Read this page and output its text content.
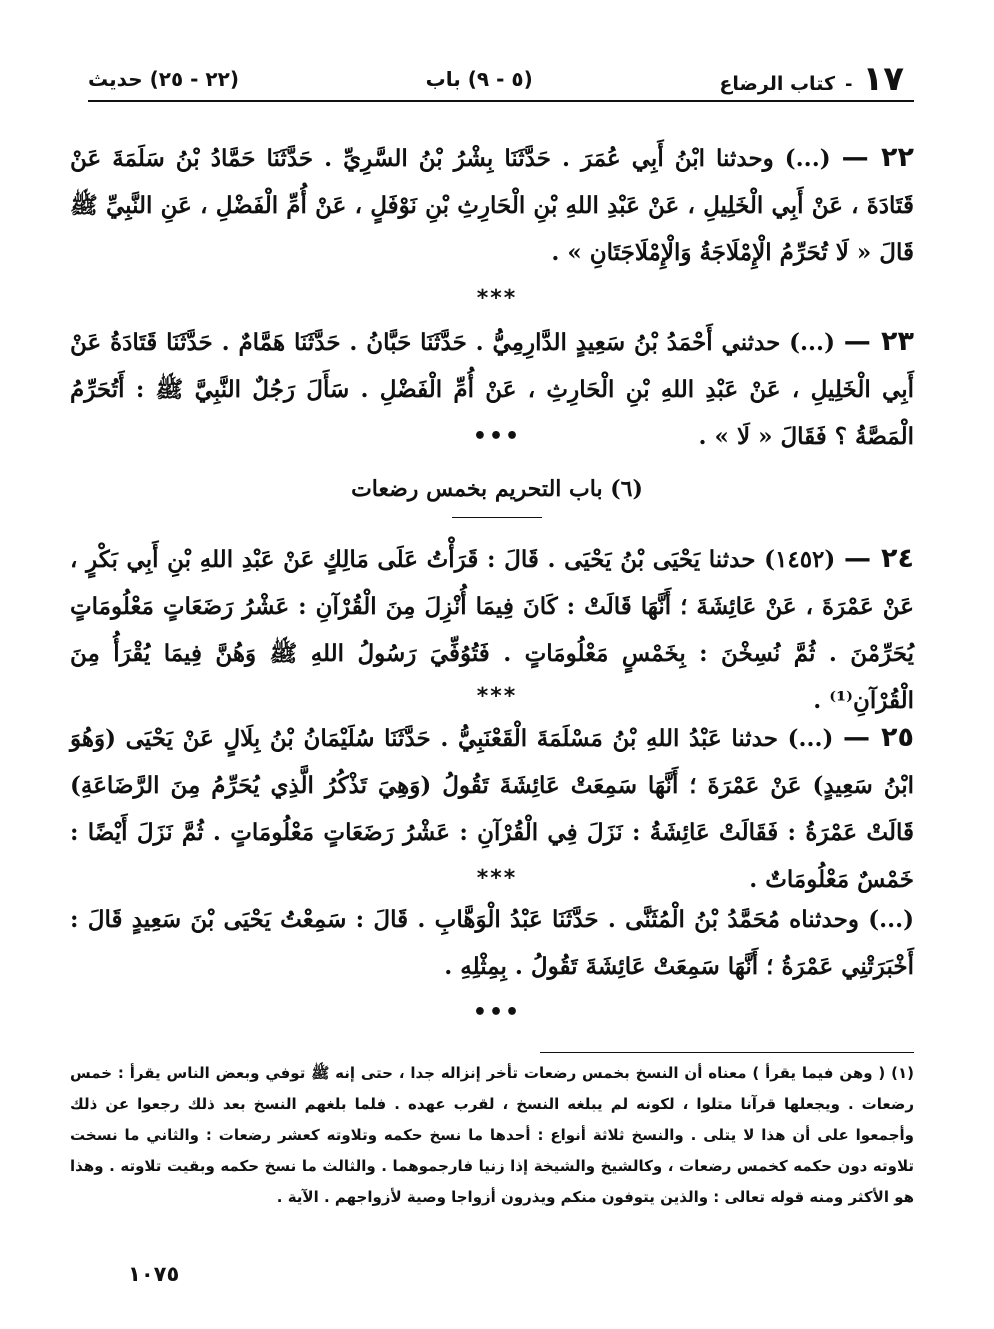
١٧
-
كتاب الرضاع
(٥ - ٩) باب
(٢٢ - ٢٥) حديث
٢٢ — (...) وحدثنا ابْنُ أَبِي عُمَرَ . حَدَّثَنَا بِشْرُ بْنُ السَّرِيِّ . حَدَّثَنَا حَمَّادُ بْنُ سَلَمَةَ عَنْ قَتَادَةَ ، عَنْ أَبِي الْخَلِيلِ ، عَنْ عَبْدِ اللهِ بْنِ الْحَارِثِ بْنِ نَوْفَلٍ ، عَنْ أُمِّ الْفَضْلِ ، عَنِ النَّبِيِّ ﷺ قَالَ « لَا تُحَرِّمُ الْإِمْلَاجَةُ وَالْإِمْلَاجَتَانِ » .
***
٢٣ — (...) حدثني أَحْمَدُ بْنُ سَعِيدٍ الدَّارِمِيُّ . حَدَّثَنَا حَبَّانُ . حَدَّثَنَا هَمَّامٌ . حَدَّثَنَا قَتَادَةُ عَنْ أَبِي الْخَلِيلِ ، عَنْ عَبْدِ اللهِ بْنِ الْحَارِثِ ، عَنْ أُمِّ الْفَضْلِ . سَأَلَ رَجُلٌ النَّبِيَّ ﷺ : أَتُحَرِّمُ الْمَصَّةُ ؟ فَقَالَ « لَا » .
•••
(٦) باب التحريم بخمس رضعات
٢٤ — (١٤٥٢) حدثنا يَحْيَى بْنُ يَحْيَى . قَالَ : قَرَأْتُ عَلَى مَالِكٍ عَنْ عَبْدِ اللهِ بْنِ أَبِي بَكْرٍ ، عَنْ عَمْرَةَ ، عَنْ عَائِشَةَ ؛ أَنَّهَا قَالَتْ : كَانَ فِيمَا أُنْزِلَ مِنَ الْقُرْآنِ : عَشْرُ رَضَعَاتٍ مَعْلُومَاتٍ يُحَرِّمْنَ . ثُمَّ نُسِخْنَ : بِخَمْسٍ مَعْلُومَاتٍ . فَتُوُفِّيَ رَسُولُ اللهِ ﷺ وَهُنَّ فِيمَا يُقْرَأُ مِنَ الْقُرْآنِ⁽¹⁾ .
***
٢٥ — (...) حدثنا عَبْدُ اللهِ بْنُ مَسْلَمَةَ الْقَعْنَبِيُّ . حَدَّثَنَا سُلَيْمَانُ بْنُ بِلَالٍ عَنْ يَحْيَى (وَهُوَ ابْنُ سَعِيدٍ) عَنْ عَمْرَةَ ؛ أَنَّهَا سَمِعَتْ عَائِشَةَ تَقُولُ (وَهِيَ تَذْكُرُ الَّذِي يُحَرِّمُ مِنَ الرَّضَاعَةِ) قَالَتْ عَمْرَةُ : فَقَالَتْ عَائِشَةُ : نَزَلَ فِي الْقُرْآنِ : عَشْرُ رَضَعَاتٍ مَعْلُومَاتٍ . ثُمَّ نَزَلَ أَيْضًا : خَمْسٌ مَعْلُومَاتٌ .
***
(...) وحدثناه مُحَمَّدُ بْنُ الْمُثَنَّى . حَدَّثَنَا عَبْدُ الْوَهَّابِ . قَالَ : سَمِعْتُ يَحْيَى بْنَ سَعِيدٍ قَالَ : أَخْبَرَتْنِي عَمْرَةُ ؛ أَنَّهَا سَمِعَتْ عَائِشَةَ تَقُولُ . بِمِثْلِهِ .
•••
(١) ( وهن فيما يقرأ ) معناه أن النسخ بخمس رضعات تأخر إنزاله جدا ، حتى إنه ﷺ توفي وبعض الناس يقرأ : خمس رضعات . ويجعلها قرآنا متلوا ، لكونه لم يبلغه النسخ ، لقرب عهده . فلما بلغهم النسخ بعد ذلك رجعوا عن ذلك وأجمعوا على أن هذا لا يتلى . والنسخ ثلاثة أنواع : أحدها ما نسخ حكمه وتلاوته كعشر رضعات : والثاني ما نسخت تلاوته دون حكمه كخمس رضعات ، وكالشيخ والشيخة إذا زنيا فارجموهما . والثالث ما نسخ حكمه وبقيت تلاوته . وهذا هو الأكثر ومنه قوله تعالى : والذين يتوفون منكم ويذرون أزواجا وصية لأزواجهم . الآية .
١٠٧٥
